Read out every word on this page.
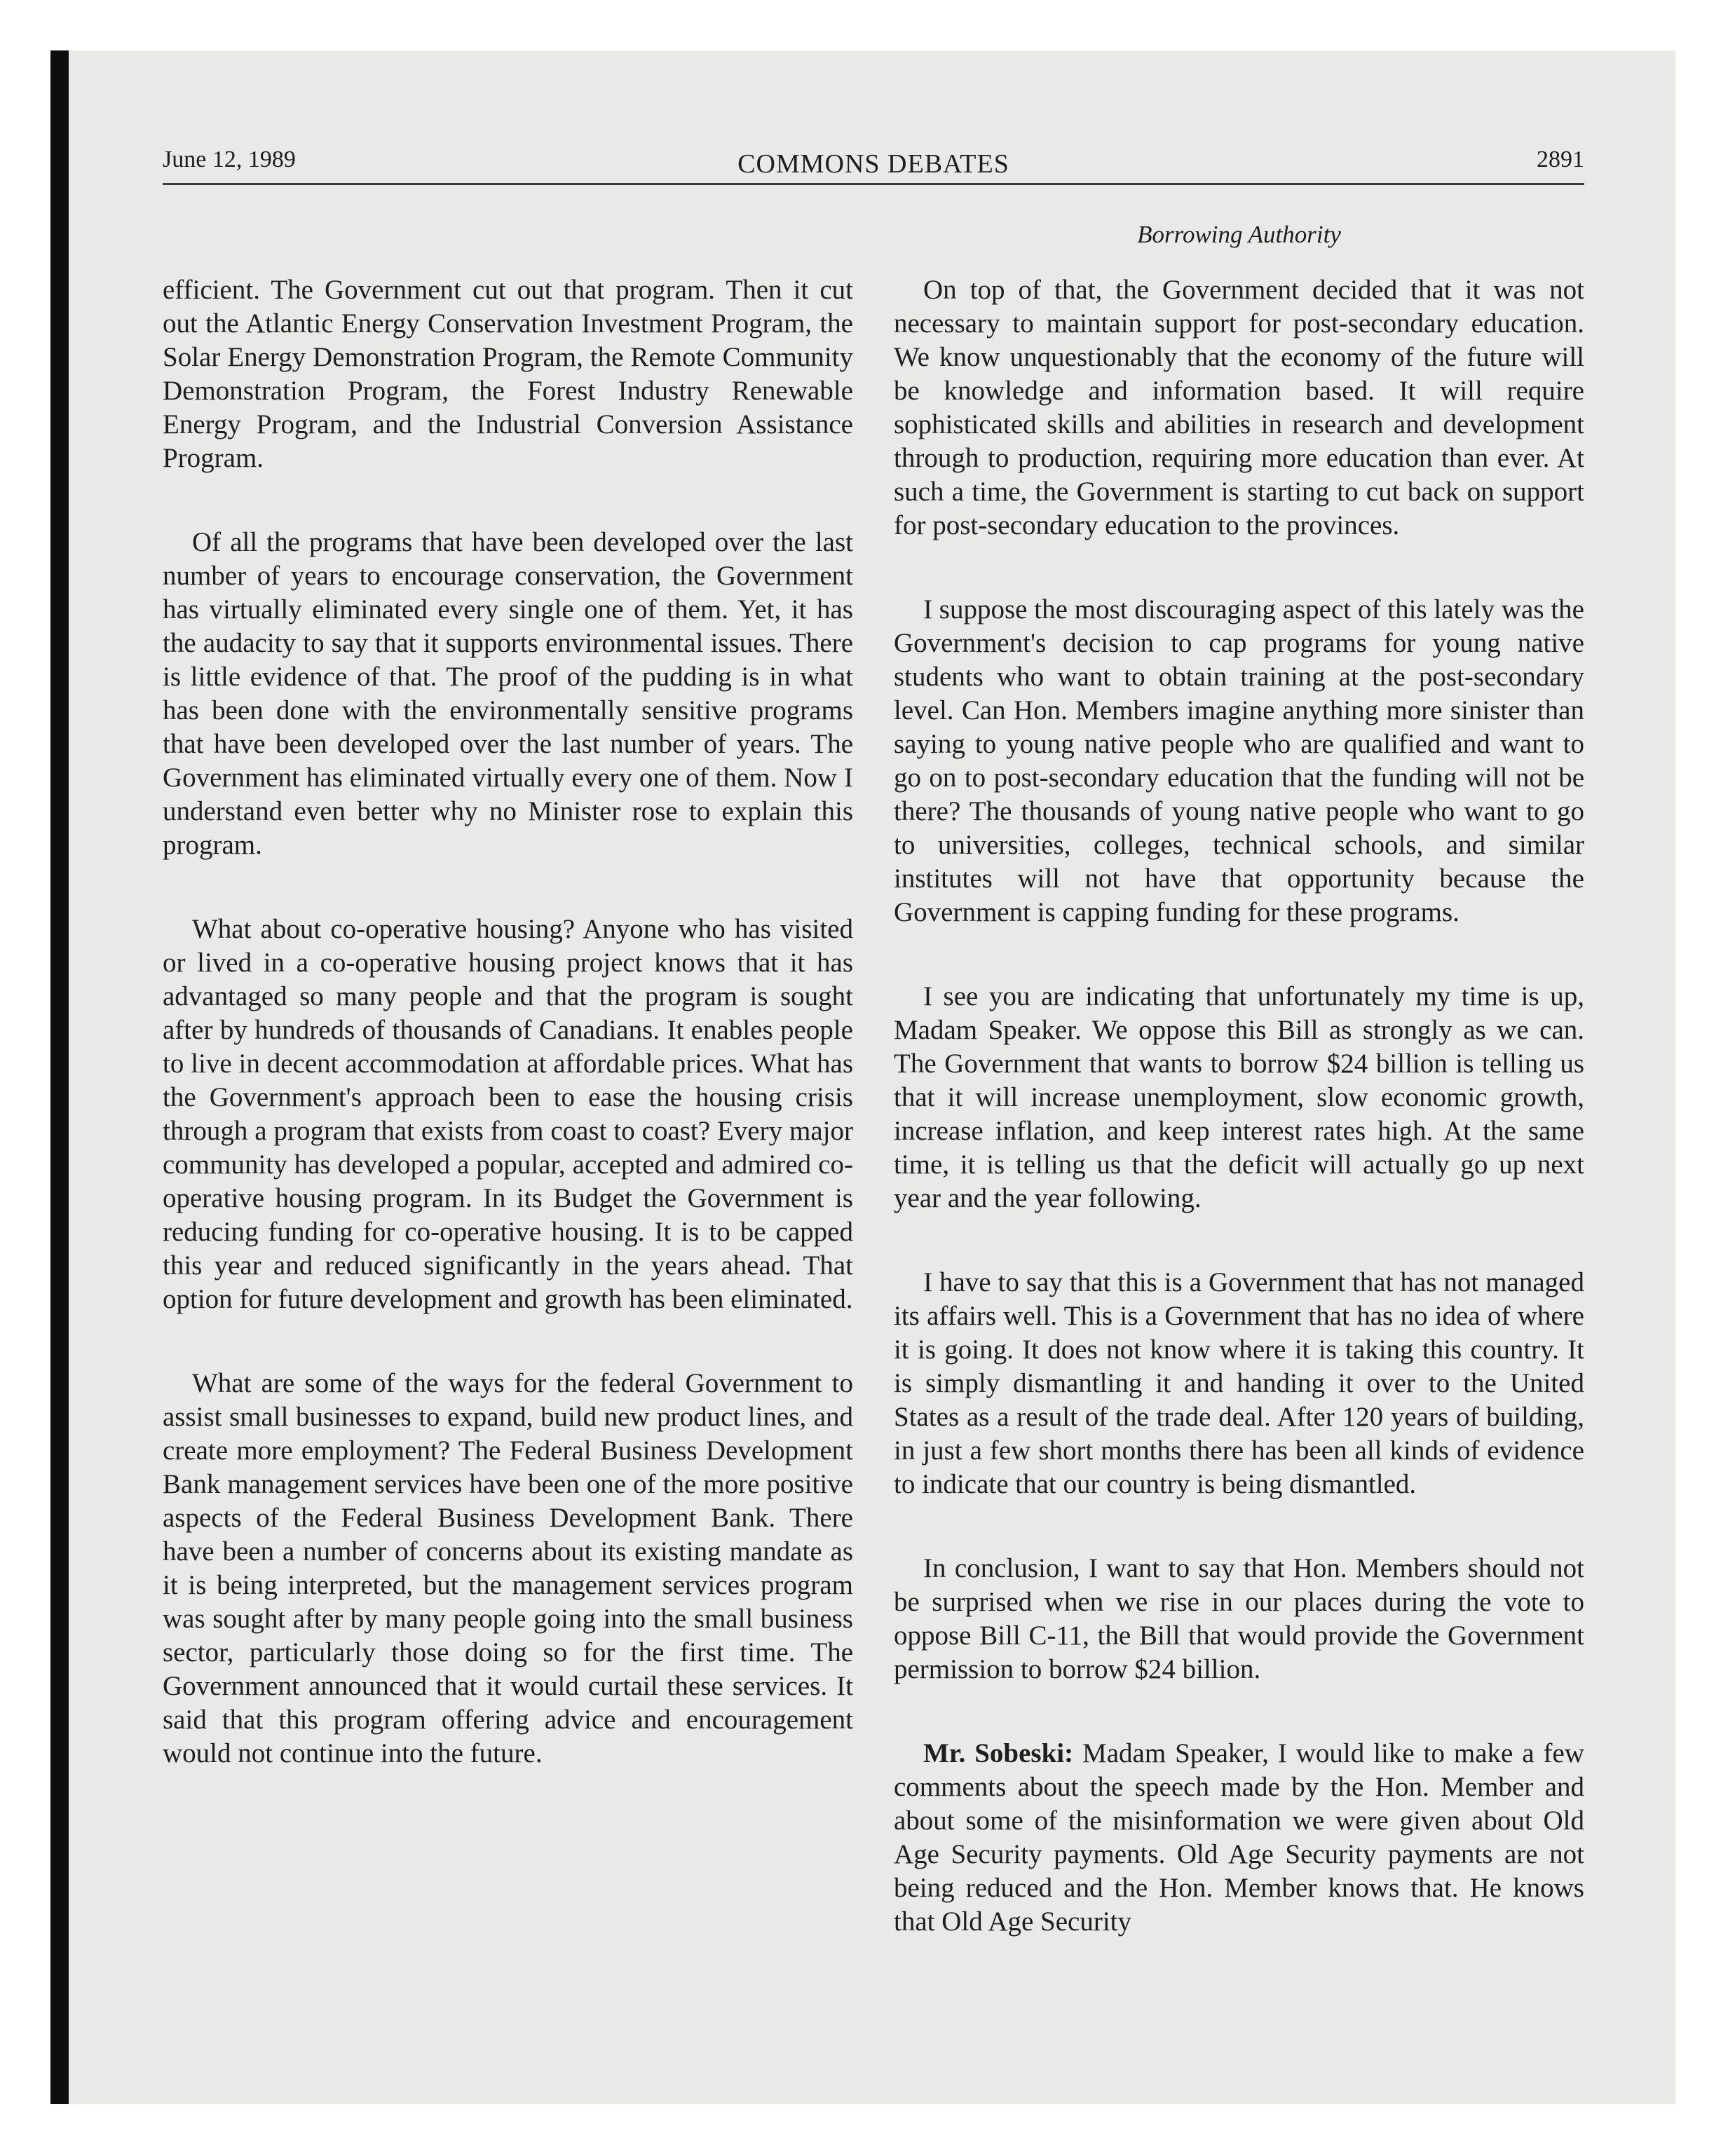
June 12, 1989	COMMONS DEBATES	2891
Borrowing Authority

efficient. The Government cut out that program. Then it cut out the Atlantic Energy Conservation Investment Program, the Solar Energy Demonstration Program, the Remote Community Demonstration Program, the Forest Industry Renewable Energy Program, and the Industrial Conversion Assistance Program.

Of all the programs that have been developed over the last number of years to encourage conservation, the Government has virtually eliminated every single one of them. Yet, it has the audacity to say that it supports environmental issues. There is little evidence of that. The proof of the pudding is in what has been done with the environmentally sensitive programs that have been developed over the last number of years. The Government has eliminated virtually every one of them. Now I understand even better why no Minister rose to explain this program.

What about co-operative housing? Anyone who has visited or lived in a co-operative housing project knows that it has advantaged so many people and that the program is sought after by hundreds of thousands of Canadians. It enables people to live in decent accommodation at affordable prices. What has the Government's approach been to ease the housing crisis through a program that exists from coast to coast? Every major community has developed a popular, accepted and admired co-operative housing program. In its Budget the Government is reducing funding for co-operative housing. It is to be capped this year and reduced significantly in the years ahead. That option for future development and growth has been eliminated.

What are some of the ways for the federal Government to assist small businesses to expand, build new product lines, and create more employment? The Federal Business Development Bank management services have been one of the more positive aspects of the Federal Business Development Bank. There have been a number of concerns about its existing mandate as it is being interpreted, but the management services program was sought after by many people going into the small business sector, particularly those doing so for the first time. The Government announced that it would curtail these services. It said that this program offering advice and encouragement would not continue into the future.

On top of that, the Government decided that it was not necessary to maintain support for post-secondary education. We know unquestionably that the economy of the future will be knowledge and information based. It will require sophisticated skills and abilities in research and development through to production, requiring more education than ever. At such a time, the Government is starting to cut back on support for post-secondary education to the provinces.

I suppose the most discouraging aspect of this lately was the Government's decision to cap programs for young native students who want to obtain training at the post-secondary level. Can Hon. Members imagine anything more sinister than saying to young native people who are qualified and want to go on to post-secondary education that the funding will not be there? The thousands of young native people who want to go to universities, colleges, technical schools, and similar institutes will not have that opportunity because the Government is capping funding for these programs.

I see you are indicating that unfortunately my time is up, Madam Speaker. We oppose this Bill as strongly as we can. The Government that wants to borrow $24 billion is telling us that it will increase unemployment, slow economic growth, increase inflation, and keep interest rates high. At the same time, it is telling us that the deficit will actually go up next year and the year following.

I have to say that this is a Government that has not managed its affairs well. This is a Government that has no idea of where it is going. It does not know where it is taking this country. It is simply dismantling it and handing it over to the United States as a result of the trade deal. After 120 years of building, in just a few short months there has been all kinds of evidence to indicate that our country is being dismantled.

In conclusion, I want to say that Hon. Members should not be surprised when we rise in our places during the vote to oppose Bill C-11, the Bill that would provide the Government permission to borrow $24 billion.

Mr. Sobeski: Madam Speaker, I would like to make a few comments about the speech made by the Hon. Member and about some of the misinformation we were given about Old Age Security payments. Old Age Security payments are not being reduced and the Hon. Member knows that. He knows that Old Age Security
